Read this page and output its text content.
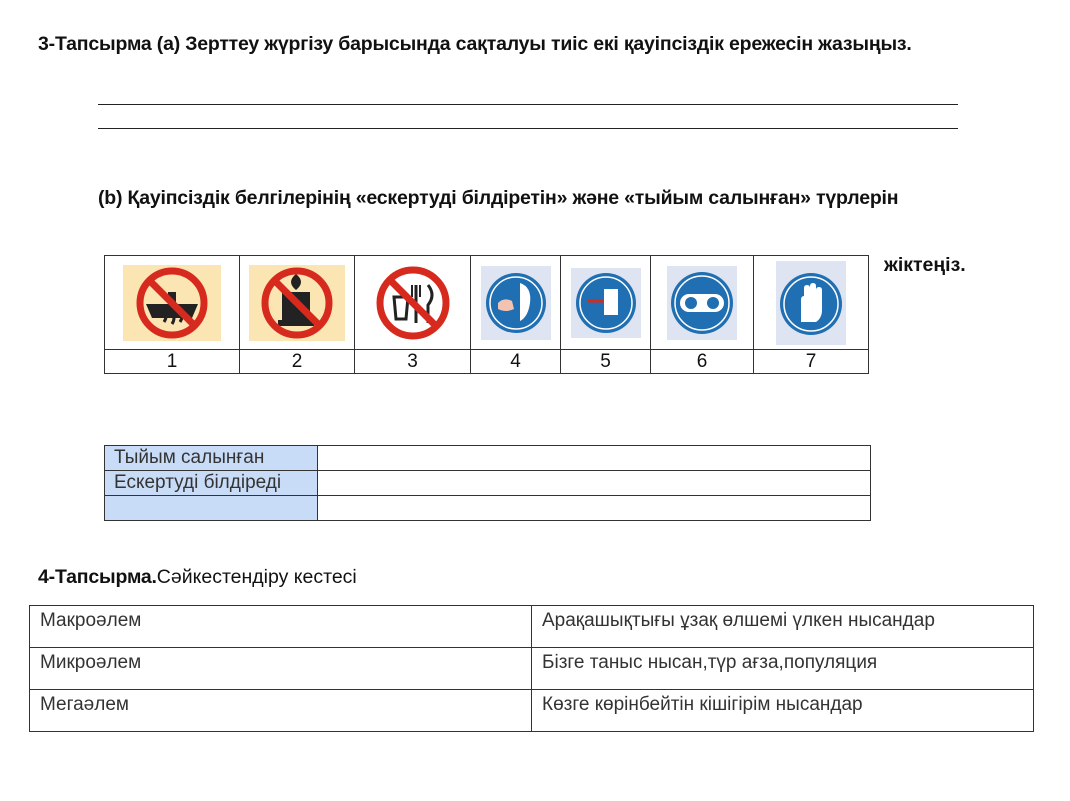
3-Тапсырма (а) Зерттеу жүргізу барысында сақталуы тиіс екі қауіпсіздік ережесін жазыңыз.
(b) Қауіпсіздік белгілерінің «ескертуді білдіретін» және «тыйым салынған» түрлерін
жіктеңіз.

1	2	3	4	5	6	7
Тыйым салынған	
Ескертуді білдіреді	

4-Тапсырма.Сәйкестендіру кестесі
Макроәлем	Арақашықтығы ұзақ өлшемі үлкен нысандар
Микроәлем	Бізге таныс нысан,түр ағза,популяция
Мегаәлем	Көзге көрінбейтін кішігірім нысандар
